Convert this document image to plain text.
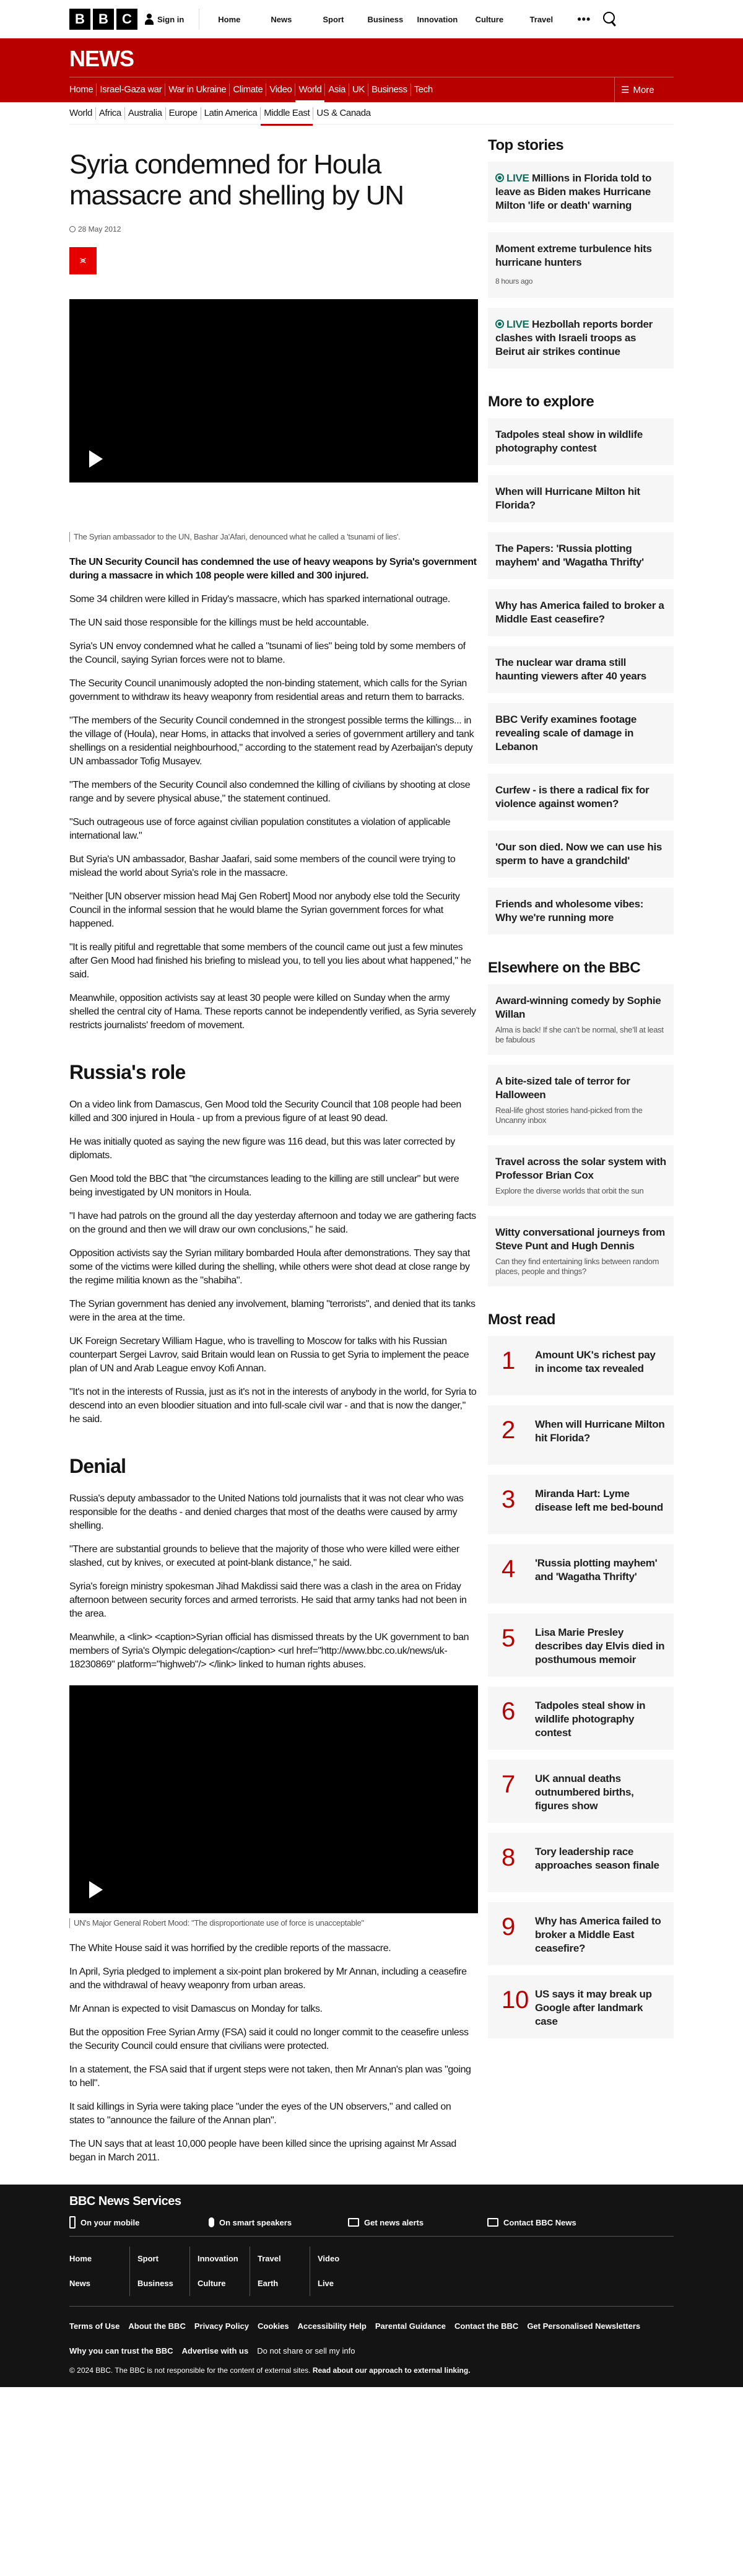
B	B	C	Sign in	Home	News	Sport	Business	Innovation	Culture	Travel	•••
NEWS
Home Israel-Gaza war War in Ukraine Climate Video World Asia UK Business Tech	☰ More
World Africa Australia Europe Latin America Middle East US & Canada
Syria condemned for Houla massacre and shelling by UN
28 May 2012
⪤
The Syrian ambassador to the UN, Bashar Ja'Afari, denounced what he called a 'tsunami of lies'.

The UN Security Council has condemned the use of heavy weapons by Syria's government during a massacre in which 108 people were killed and 300 injured.

Some 34 children were killed in Friday's massacre, which has sparked international outrage.

The UN said those responsible for the killings must be held accountable.

Syria's UN envoy condemned what he called a "tsunami of lies" being told by some members of the Council, saying Syrian forces were not to blame.

The Security Council unanimously adopted the non-binding statement, which calls for the Syrian government to withdraw its heavy weaponry from residential areas and return them to barracks.

"The members of the Security Council condemned in the strongest possible terms the killings... in the village of (Houla), near Homs, in attacks that involved a series of government artillery and tank shellings on a residential neighbourhood," according to the statement read by Azerbaijan's deputy UN ambassador Tofig Musayev.

"The members of the Security Council also condemned the killing of civilians by shooting at close range and by severe physical abuse," the statement continued.

"Such outrageous use of force against civilian population constitutes a violation of applicable international law."

But Syria's UN ambassador, Bashar Jaafari, said some members of the council were trying to mislead the world about Syria's role in the massacre.

"Neither [UN observer mission head Maj Gen Robert] Mood nor anybody else told the Security Council in the informal session that he would blame the Syrian government forces for what happened.

"It is really pitiful and regrettable that some members of the council came out just a few minutes after Gen Mood had finished his briefing to mislead you, to tell you lies about what happened," he said.

Meanwhile, opposition activists say at least 30 people were killed on Sunday when the army shelled the central city of Hama. These reports cannot be independently verified, as Syria severely restricts journalists' freedom of movement.

Russia's role

On a video link from Damascus, Gen Mood told the Security Council that 108 people had been killed and 300 injured in Houla - up from a previous figure of at least 90 dead.

He was initially quoted as saying the new figure was 116 dead, but this was later corrected by diplomats.

Gen Mood told the BBC that "the circumstances leading to the killing are still unclear" but were being investigated by UN monitors in Houla.

"I have had patrols on the ground all the day yesterday afternoon and today we are gathering facts on the ground and then we will draw our own conclusions," he said.

Opposition activists say the Syrian military bombarded Houla after demonstrations. They say that some of the victims were killed during the shelling, while others were shot dead at close range by the regime militia known as the "shabiha".

The Syrian government has denied any involvement, blaming "terrorists", and denied that its tanks were in the area at the time.

UK Foreign Secretary William Hague, who is travelling to Moscow for talks with his Russian counterpart Sergei Lavrov, said Britain would lean on Russia to get Syria to implement the peace plan of UN and Arab League envoy Kofi Annan.

"It's not in the interests of Russia, just as it's not in the interests of anybody in the world, for Syria to descend into an even bloodier situation and into full-scale civil war - and that is now the danger," he said.

Denial

Russia's deputy ambassador to the United Nations told journalists that it was not clear who was responsible for the deaths - and denied charges that most of the deaths were caused by army shelling.

"There are substantial grounds to believe that the majority of those who were killed were either slashed, cut by knives, or executed at point-blank distance," he said.

Syria's foreign ministry spokesman Jihad Makdissi said there was a clash in the area on Friday afternoon between security forces and armed terrorists. He said that army tanks had not been in the area.

Meanwhile, a <link> <caption>Syrian official has dismissed threats by the UK government to ban members of Syria's Olympic delegation</caption> <url href="http://www.bbc.co.uk/news/uk-18230869" platform="highweb"/> </link> linked to human rights abuses.

UN's Major General Robert Mood: "The disproportionate use of force is unacceptable"

The White House said it was horrified by the credible reports of the massacre.

In April, Syria pledged to implement a six-point plan brokered by Mr Annan, including a ceasefire and the withdrawal of heavy weaponry from urban areas.

Mr Annan is expected to visit Damascus on Monday for talks.

But the opposition Free Syrian Army (FSA) said it could no longer commit to the ceasefire unless the Security Council could ensure that civilians were protected.

In a statement, the FSA said that if urgent steps were not taken, then Mr Annan's plan was "going to hell".

It said killings in Syria were taking place "under the eyes of the UN observers," and called on states to "announce the failure of the Annan plan".

The UN says that at least 10,000 people have been killed since the uprising against Mr Assad began in March 2011.

Top stories
LIVE Millions in Florida told to leave as Biden makes Hurricane Milton 'life or death' warning
Moment extreme turbulence hits hurricane hunters
8 hours ago
LIVE Hezbollah reports border clashes with Israeli troops as Beirut air strikes continue
More to explore
Tadpoles steal show in wildlife photography contest
When will Hurricane Milton hit Florida?
The Papers: 'Russia plotting mayhem' and 'Wagatha Thrifty'
Why has America failed to broker a Middle East ceasefire?
The nuclear war drama still haunting viewers after 40 years
BBC Verify examines footage revealing scale of damage in Lebanon
Curfew - is there a radical fix for violence against women?
'Our son died. Now we can use his sperm to have a grandchild'
Friends and wholesome vibes: Why we're running more
Elsewhere on the BBC
Award-winning comedy by Sophie Willan
Alma is back! If she can’t be normal, she’ll at least be fabulous
A bite-sized tale of terror for Halloween
Real-life ghost stories hand-picked from the Uncanny inbox
Travel across the solar system with Professor Brian Cox
Explore the diverse worlds that orbit the sun
Witty conversational journeys from Steve Punt and Hugh Dennis
Can they find entertaining links between random places, people and things?
Most read
1	Amount UK's richest pay in income tax revealed
2	When will Hurricane Milton hit Florida?
3	Miranda Hart: Lyme disease left me bed-bound
4	'Russia plotting mayhem' and 'Wagatha Thrifty'
5	Lisa Marie Presley describes day Elvis died in posthumous memoir
6	Tadpoles steal show in wildlife photography contest
7	UK annual deaths outnumbered births, figures show
8	Tory leadership race approaches season finale
9	Why has America failed to broker a Middle East ceasefire?
10 US says it may break up Google after landmark case
BBC News Services
On your mobile	On smart speakers	Get news alerts	Contact BBC News
Home
News
Sport
Business
Innovation
Culture
Travel
Earth
Video
Live
Terms of Use About the BBC Privacy Policy Cookies Accessibility Help Parental Guidance Contact the BBC Get Personalised Newsletters
Why you can trust the BBC Advertise with us Do not share or sell my info
© 2024 BBC. The BBC is not responsible for the content of external sites. Read about our approach to external linking.
